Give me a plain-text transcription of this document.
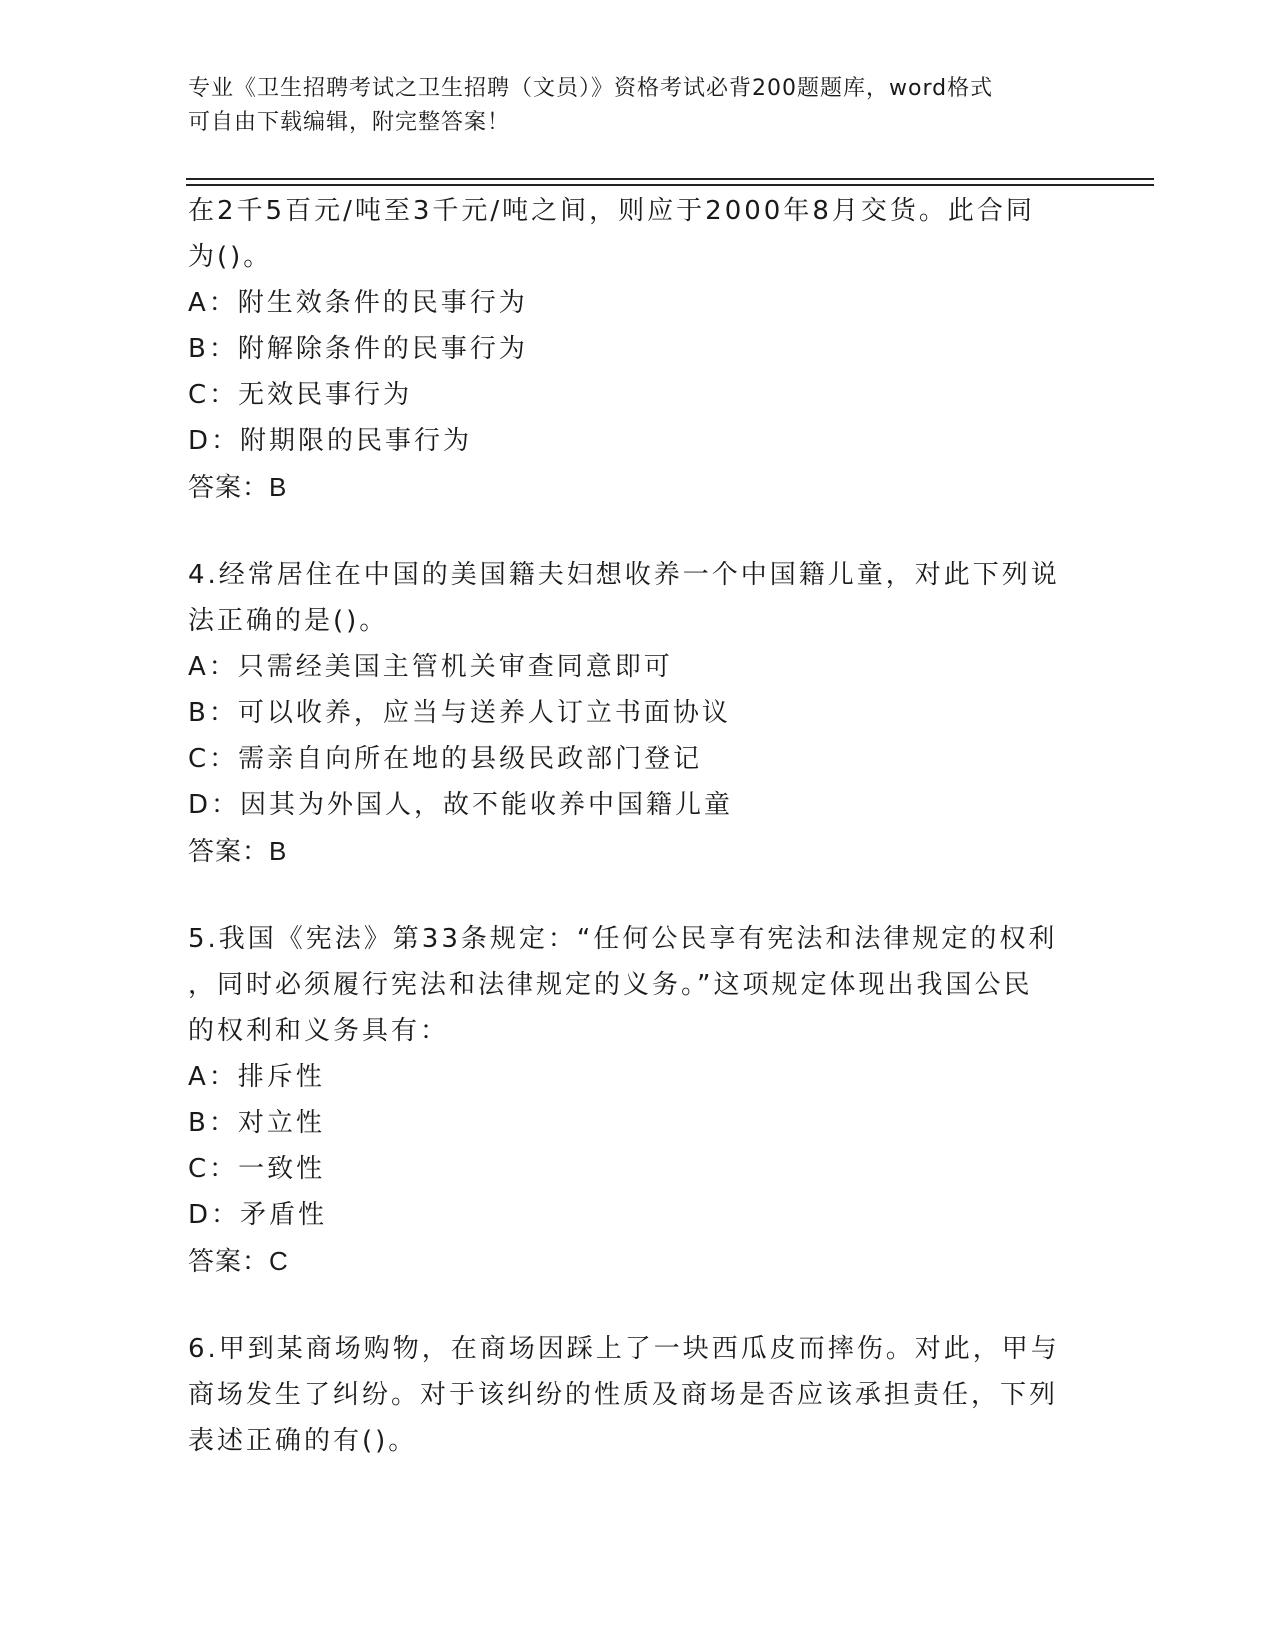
专业《卫生招聘考试之卫生招聘（文员）》资格考试必背200题题库，word格式
可自由下载编辑，附完整答案！
在2千5百元/吨至3千元/吨之间，则应于2000年8月交货。此合同
为()。
A：附生效条件的民事行为
B：附解除条件的民事行为
C：无效民事行为
D：附期限的民事行为
答案：B
4.经常居住在中国的美国籍夫妇想收养一个中国籍儿童，对此下列说
法正确的是()。
A：只需经美国主管机关审查同意即可
B：可以收养，应当与送养人订立书面协议
C：需亲自向所在地的县级民政部门登记
D：因其为外国人，故不能收养中国籍儿童
答案：B
5.我国《宪法》第33条规定：“任何公民享有宪法和法律规定的权利
，同时必须履行宪法和法律规定的义务。”这项规定体现出我国公民
的权利和义务具有：
A：排斥性
B：对立性
C：一致性
D：矛盾性
答案：C
6.甲到某商场购物，在商场因踩上了一块西瓜皮而摔伤。对此，甲与
商场发生了纠纷。对于该纠纷的性质及商场是否应该承担责任，下列
表述正确的有()。
